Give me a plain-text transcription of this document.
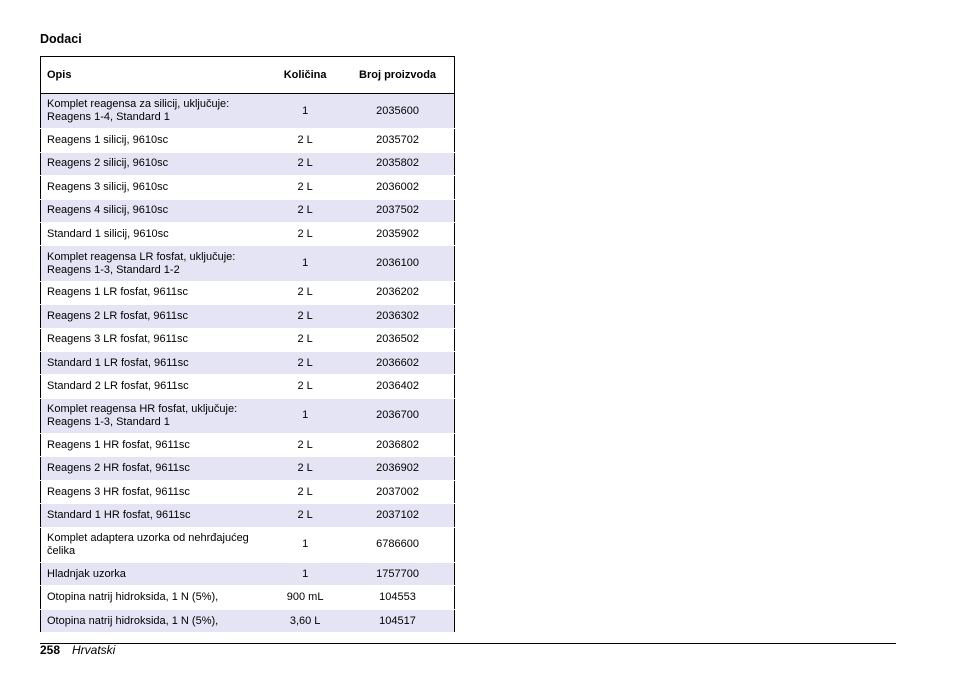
Dodaci
Opis	Količina	Broj proizvoda
Komplet reagensa za silicij, uključuje: Reagens 1-4, Standard 1	1	2035600
Reagens 1 silicij, 9610sc	2 L	2035702
Reagens 2 silicij, 9610sc	2 L	2035802
Reagens 3 silicij, 9610sc	2 L	2036002
Reagens 4 silicij, 9610sc	2 L	2037502
Standard 1 silicij, 9610sc	2 L	2035902
Komplet reagensa LR fosfat, uključuje: Reagens 1-3, Standard 1-2	1	2036100
Reagens 1 LR fosfat, 9611sc	2 L	2036202
Reagens 2 LR fosfat, 9611sc	2 L	2036302
Reagens 3 LR fosfat, 9611sc	2 L	2036502
Standard 1 LR fosfat, 9611sc	2 L	2036602
Standard 2 LR fosfat, 9611sc	2 L	2036402
Komplet reagensa HR fosfat, uključuje: Reagens 1-3, Standard 1	1	2036700
Reagens 1 HR fosfat, 9611sc	2 L	2036802
Reagens 2 HR fosfat, 9611sc	2 L	2036902
Reagens 3 HR fosfat, 9611sc	2 L	2037002
Standard 1 HR fosfat, 9611sc	2 L	2037102
Komplet adaptera uzorka od nehrđajućeg čelika	1	6786600
Hladnjak uzorka	1	1757700
Otopina natrij hidroksida, 1 N (5%),	900 mL	104553
Otopina natrij hidroksida, 1 N (5%),	3,60 L	104517
258 Hrvatski
